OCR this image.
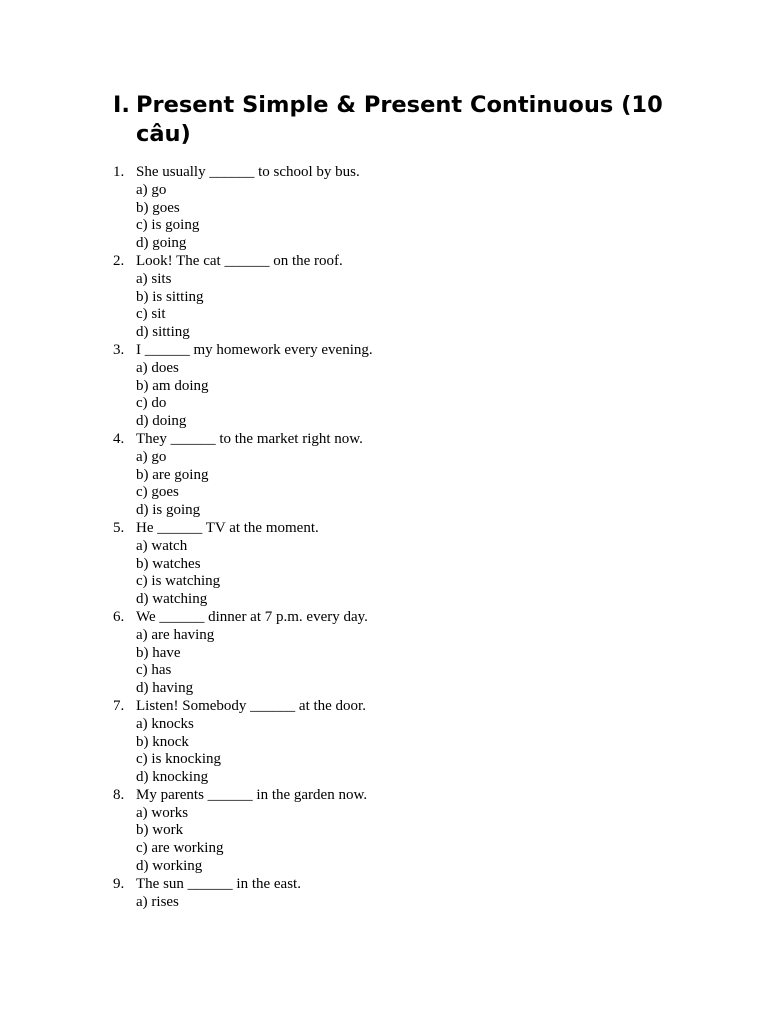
I. Present Simple & Present Continuous (10 câu)
1. She usually ______ to school by bus.
a) go
b) goes
c) is going
d) going
2. Look! The cat ______ on the roof.
a) sits
b) is sitting
c) sit
d) sitting
3. I ______ my homework every evening.
a) does
b) am doing
c) do
d) doing
4. They ______ to the market right now.
a) go
b) are going
c) goes
d) is going
5. He ______ TV at the moment.
a) watch
b) watches
c) is watching
d) watching
6. We ______ dinner at 7 p.m. every day.
a) are having
b) have
c) has
d) having
7. Listen! Somebody ______ at the door.
a) knocks
b) knock
c) is knocking
d) knocking
8. My parents ______ in the garden now.
a) works
b) work
c) are working
d) working
9. The sun ______ in the east.
a) rises
